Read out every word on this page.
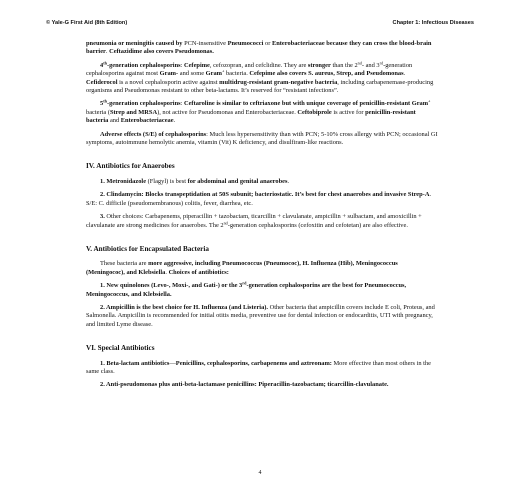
© Yale-G First Aid (8th Edition)	Chapter 1: Infectious Diseases

pneumonia or meningitis caused by PCN-insensitive Pneumococci or Enterobacteriaceae because they can cross the blood-brain barrier. Ceftazidime also covers Pseudomonas.

4th-generation cephalosporins: Cefepime, cefozopran, and cefclidine. They are stronger than the 2nd- and 3rd-generation cephalosporins against most Gram- and some Gram+ bacteria. Cefepime also covers S. aureus, Strep, and Pseudomonas. Cefiderocol is a novel cephalosporin active against multidrug-resistant gram-negative bacteria, including carbapenemase-producing organisms and Pseudomonas resistant to other beta-lactams. It’s reserved for “resistant infections”.

5th-generation cephalosporins: Ceftaroline is similar to ceftriaxone but with unique coverage of penicillin-resistant Gram+ bacteria (Strep and MRSA), not active for Pseudomonas and Enterobacteriaceae. Ceftobiprole is active for penicillin-resistant bacteria and Enterobacteriaceae.

Adverse effects (S/E) of cephalosporins: Much less hypersensitivity than with PCN; 5-10% cross allergy with PCN; occasional GI symptoms, autoimmune hemolytic anemia, vitamin (Vit) K deficiency, and disulfiram-like reactions.

IV. Antibiotics for Anaerobes

1. Metronidazole (Flagyl) is best for abdominal and genital anaerobes.

2. Clindamycin: Blocks transpeptidation at 50S subunit; bacteriostatic. It’s best for chest anaerobes and invasive Strep-A. S/E: C. difficile (pseudomembranous) colitis, fever, diarrhea, etc.

3. Other choices: Carbapenems, piperacillin + tazobactam, ticarcillin + clavulanate, ampicillin + sulbactam, and amoxicillin + clavulanate are strong medicines for anaerobes. The 2nd-generation cephalosporins (cefoxitin and cefotetan) are also effective.

V. Antibiotics for Encapsulated Bacteria

These bacteria are more aggressive, including Pneumococcus (Pneumococ), H. Influenza (Hib), Meningococcus (Meningococ), and Klebsiella. Choices of antibiotics:

1. New quinolones (Levo-, Moxi-, and Gati-) or the 3rd-generation cephalosporins are the best for Pneumococcus, Meningococcus, and Klebsiella.

2. Ampicillin is the best choice for H. Influenza (and Listeria). Other bacteria that ampicillin covers include E coli, Proteus, and Salmonella. Ampicillin is recommended for initial otitis media, preventive use for dental infection or endocarditis, UTI with pregnancy, and limited Lyme disease.

VI. Special Antibiotics

1. Beta-lactam antibiotics—Penicillins, cephalosporins, carbapenems and aztreonam: More effective than most others in the same class.

2. Anti-pseudomonas plus anti-beta-lactamase penicillins: Piperacillin-tazobactam; ticarcillin-clavulanate.

4
